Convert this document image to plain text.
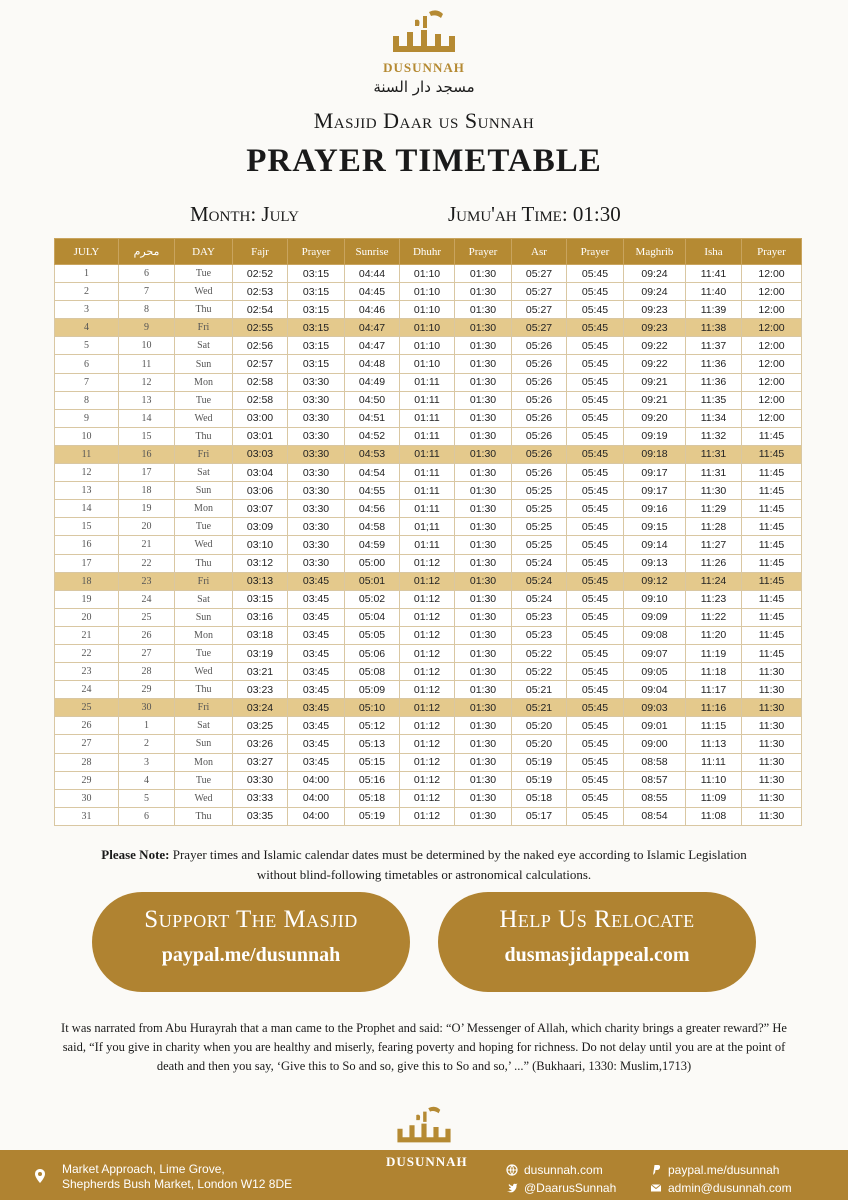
DUSUNNAH
مسجد دار السنة
Masjid Daar us Sunnah
PRAYER TIMETABLE
Month: July	Jumu'ah Time: 01:30
JULY	محرم	DAY	Fajr	Prayer	Sunrise	Dhuhr	Prayer	Asr	Prayer	Maghrib	Isha	Prayer
1	6	Tue	02:52	03:15	04:44	01:10	01:30	05:27	05:45	09:24	11:41	12:00
2	7	Wed	02:53	03:15	04:45	01:10	01:30	05:27	05:45	09:24	11:40	12:00
3	8	Thu	02:54	03:15	04:46	01:10	01:30	05:27	05:45	09:23	11:39	12:00
4	9	Fri	02:55	03:15	04:47	01:10	01:30	05:27	05:45	09:23	11:38	12:00
5	10	Sat	02:56	03:15	04:47	01:10	01:30	05:26	05:45	09:22	11:37	12:00
6	11	Sun	02:57	03:15	04:48	01:10	01:30	05:26	05:45	09:22	11:36	12:00
7	12	Mon	02:58	03:30	04:49	01:11	01:30	05:26	05:45	09:21	11:36	12:00
8	13	Tue	02:58	03:30	04:50	01:11	01:30	05:26	05:45	09:21	11:35	12:00
9	14	Wed	03:00	03:30	04:51	01:11	01:30	05:26	05:45	09:20	11:34	12:00
10	15	Thu	03:01	03:30	04:52	01:11	01:30	05:26	05:45	09:19	11:32	11:45
11	16	Fri	03:03	03:30	04:53	01:11	01:30	05:26	05:45	09:18	11:31	11:45
12	17	Sat	03:04	03:30	04:54	01:11	01:30	05:26	05:45	09:17	11:31	11:45
13	18	Sun	03:06	03:30	04:55	01:11	01:30	05:25	05:45	09:17	11:30	11:45
14	19	Mon	03:07	03:30	04:56	01:11	01:30	05:25	05:45	09:16	11:29	11:45
15	20	Tue	03:09	03:30	04:58	01;11	01:30	05:25	05:45	09:15	11:28	11:45
16	21	Wed	03:10	03:30	04:59	01:11	01:30	05:25	05:45	09:14	11:27	11:45
17	22	Thu	03:12	03:30	05:00	01:12	01:30	05:24	05:45	09:13	11:26	11:45
18	23	Fri	03:13	03:45	05:01	01:12	01:30	05:24	05:45	09:12	11:24	11:45
19	24	Sat	03:15	03:45	05:02	01:12	01:30	05:24	05:45	09:10	11:23	11:45
20	25	Sun	03:16	03:45	05:04	01:12	01:30	05:23	05:45	09:09	11:22	11:45
21	26	Mon	03:18	03:45	05:05	01:12	01:30	05:23	05:45	09:08	11:20	11:45
22	27	Tue	03:19	03:45	05:06	01:12	01:30	05:22	05:45	09:07	11:19	11:45
23	28	Wed	03:21	03:45	05:08	01:12	01:30	05:22	05:45	09:05	11:18	11:30
24	29	Thu	03:23	03:45	05:09	01:12	01:30	05:21	05:45	09:04	11:17	11:30
25	30	Fri	03:24	03:45	05:10	01:12	01:30	05:21	05:45	09:03	11:16	11:30
26	1	Sat	03:25	03:45	05:12	01:12	01:30	05:20	05:45	09:01	11:15	11:30
27	2	Sun	03:26	03:45	05:13	01:12	01:30	05:20	05:45	09:00	11:13	11:30
28	3	Mon	03:27	03:45	05:15	01:12	01:30	05:19	05:45	08:58	11:11	11:30
29	4	Tue	03:30	04:00	05:16	01:12	01:30	05:19	05:45	08:57	11:10	11:30
30	5	Wed	03:33	04:00	05:18	01:12	01:30	05:18	05:45	08:55	11:09	11:30
31	6	Thu	03:35	04:00	05:19	01:12	01:30	05:17	05:45	08:54	11:08	11:30
Please Note: Prayer times and Islamic calendar dates must be determined by the naked eye according to Islamic Legislation without blind-following timetables or astronomical calculations.
Support The Masjid
paypal.me/dusunnah
Help Us Relocate
dusmasjidappeal.com
It was narrated from Abu Hurayrah that a man came to the Prophet and said: “O’ Messenger of Allah, which charity brings a greater reward?” He said, “If you give in charity when you are healthy and miserly, fearing poverty and hoping for richness. Do not delay until you are at the point of death and then you say, ‘Give this to So and so, give this to So and so,’ ...” (Bukhaari, 1330: Muslim,1713)
Market Approach, Lime Grove,
Shepherds Bush Market, London W12 8DE
DUSUNNAH
dusunnah.com
@DaarusSunnah
paypal.me/dusunnah
admin@dusunnah.com
